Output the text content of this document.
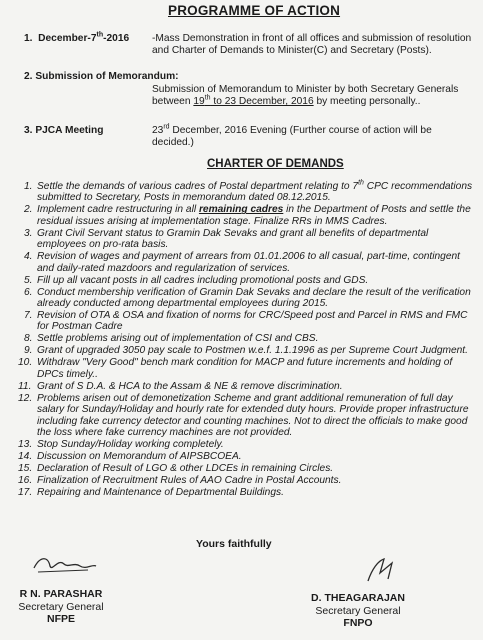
PROGRAMME OF ACTION
1.  December-7th-2016 -Mass Demonstration in front of all offices and submission of resolution and Charter of Demands to Minister(C) and Secretary (Posts).
2. Submission of Memorandum:
Submission of Memorandum to Minister by both Secretary Generals between 19th to 23 December, 2016 by meeting personally..
3. PJCA Meeting	23rd December, 2016 Evening (Further course of action will be decided.)
CHARTER OF DEMANDS
1. Settle the demands of various cadres of Postal department relating to 7th CPC recommendations submitted to Secretary, Posts in memorandum dated 08.12.2015.
2. Implement cadre restructuring in all remaining cadres in the Department of Posts and settle the residual issues arising at implementation stage. Finalize RRs in MMS Cadres.
3. Grant Civil Servant status to Gramin Dak Sevaks and grant all benefits of departmental employees on pro-rata basis.
4. Revision of wages and payment of arrears from 01.01.2006 to all casual, part-time, contingent and daily-rated mazdoors and regularization of services.
5. Fill up all vacant posts in all cadres including promotional posts and GDS.
6. Conduct membership verification of Gramin Dak Sevaks and declare the result of the verification already conducted among departmental employees during 2015.
7. Revision of OTA & OSA and fixation of norms for CRC/Speed post and Parcel in RMS and FMC for Postman Cadre
8. Settle problems arising out of implementation of CSI and CBS.
9. Grant of upgraded 3050 pay scale to Postmen w.e.f. 1.1.1996 as per Supreme Court Judgment.
10. Withdraw "Very Good" bench mark condition for MACP and future increments and holding of DPCs timely..
11. Grant of S D.A. & HCA to the Assam & NE & remove discrimination.
12. Problems arisen out of demonetization Scheme and grant additional remuneration of full day salary for Sunday/Holiday and hourly rate for extended duty hours. Provide proper infrastructure including fake currency detector and counting machines. Not to direct the officials to make good the loss where fake currency machines are not provided.
13. Stop Sunday/Holiday working completely.
14. Discussion on Memorandum of AIPSBCOEA.
15. Declaration of Result of LGO & other LDCEs in remaining Circles.
16. Finalization of Recruitment Rules of AAO Cadre in Postal Accounts.
17. Repairing and Maintenance of Departmental Buildings.
Yours faithfully
R N. PARASHAR
Secretary General
NFPE
D. THEAGARAJAN
Secretary General
FNPO
